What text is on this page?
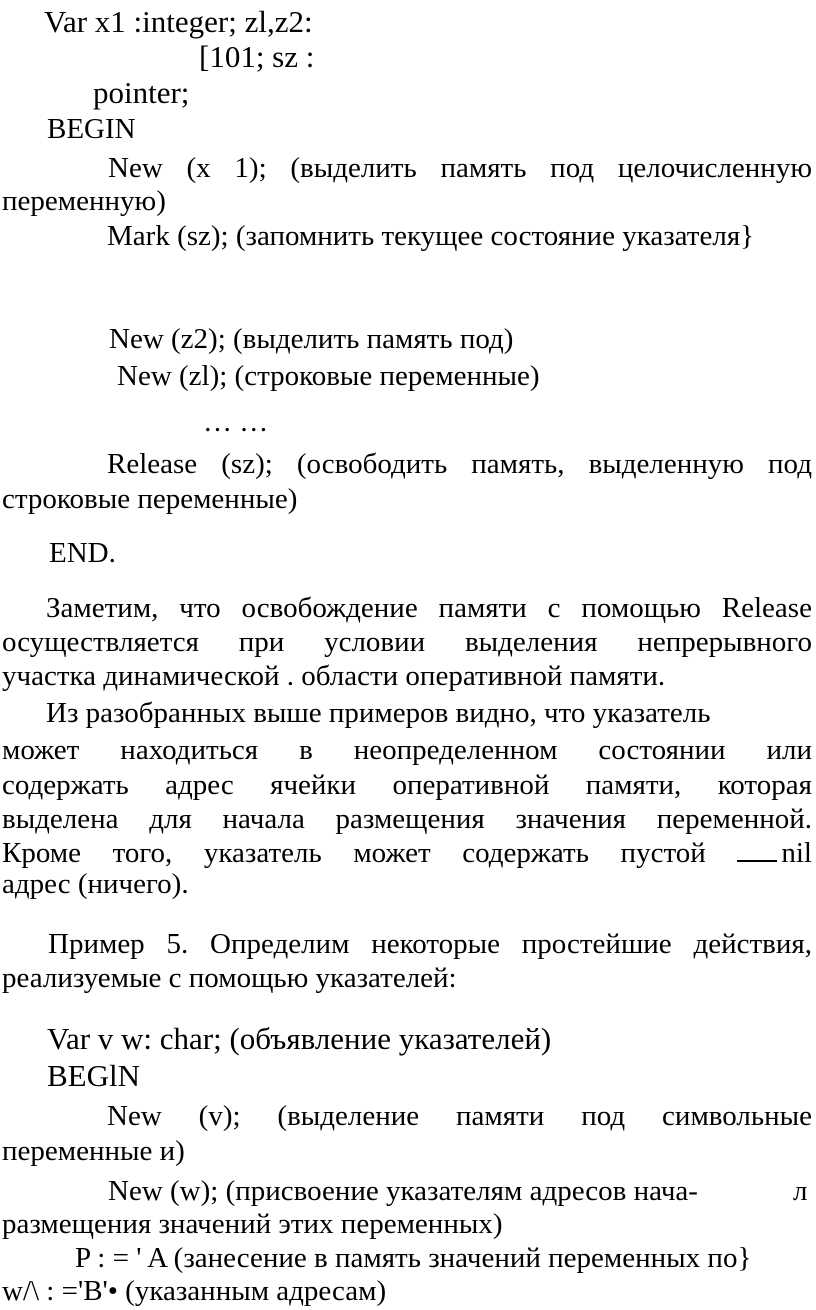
Var x1 :integer; zl,z2:
[101; sz :
pointer;
BEGIN
New (x 1); (выделить память под целочисленную
переменную)
Mark (sz); (запомнить текущее состояние указателя}
New (z2); (выделить память под)
New (zl); (строковые переменные)
… …
Release (sz); (освободить память, выделенную под
строковые переменные)
END.
Заметим, что освобождение памяти с помощью Release
осуществляется при условии выделения непрерывного
участка динамической . области оперативной памяти.
Из разобранных выше примеров видно, что указатель
может находиться в неопределенном состоянии или
содержать адрес ячейки оперативной памяти, которая
выделена для начала размещения значения переменной.
Кроме того, указатель может содержать пустой	nil
адрес (ничего).
Пример 5. Определим некоторые простейшие действия,
реализуемые с помощью указателей:
Var v w: char; (объявление указателей)
BEGlN
New (v); (выделение памяти под символьные
переменные и)
New (w); (присвоение указателям адресов нача-	л
размещения значений этих переменных)
P : = ' A (занесение в память значений переменных по}
w/\ : ='B'• (указанным адресам)
